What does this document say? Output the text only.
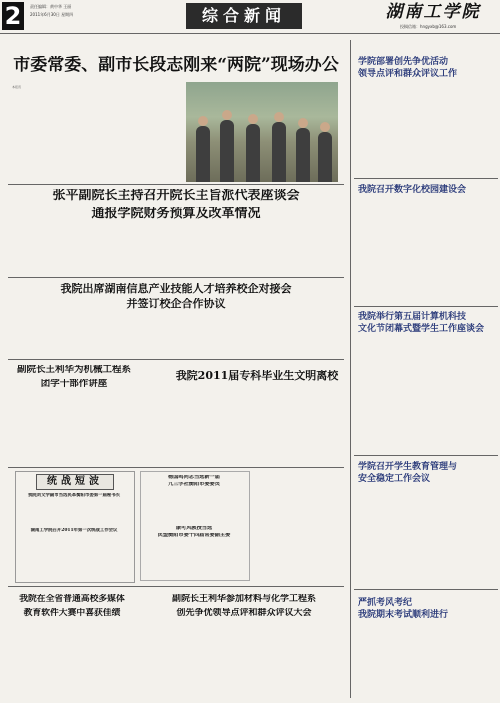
2	责任编辑：黄中华 王丽
2011年6月30日 星期四	综合新闻	湖南工学院
投稿信箱：hngyxb@163.com
市委常委、副市长段志刚来“两院”现场办公
本报讯
张平副院长主持召开院长主旨派代表座谈会
通报学院财务预算及改革情况
我院出席湖南信息产业技能人才培养校企对接会
并签订校企合作协议
副院长王利华为机械工程系
团学干部作讲座
我院2011届专科毕业生文明离校
统战短波
我院刘文学副市当选民革衡阳市委第一届秘书长
湖南工学院召开2011年第一次统战工作会议
杨国鸣同志当选新一届
九三学社衡阳市委委员
康可风教授当选
民盟衡阳市委十四届常委副主委
我院在全省普通高校多媒体
教育软件大赛中喜获佳绩
副院长王利华参加材料与化学工程系
创先争优领导点评和群众评议大会
学院部署创先争优活动
领导点评和群众评议工作
我院召开数字化校园建设会
我院举行第五届计算机科技
文化节闭幕式暨学生工作座谈会
学院召开学生教育管理与
安全稳定工作会议
严抓考风考纪
我院期末考试顺利进行
